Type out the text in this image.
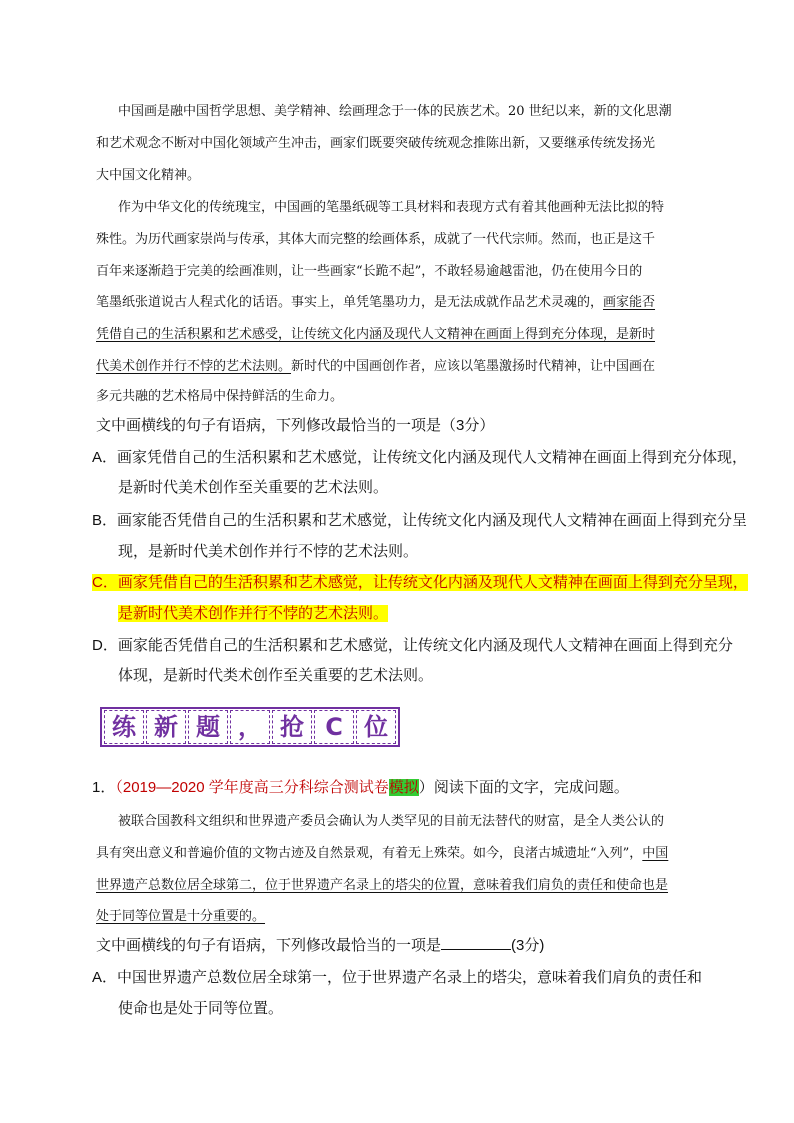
中国画是融中国哲学思想、美学精神、绘画理念于一体的民族艺术。20 世纪以来，新的文化思潮
和艺术观念不断对中国化领域产生冲击，画家们既要突破传统观念推陈出新，又要继承传统发扬光
大中国文化精神。
作为中华文化的传统瑰宝，中国画的笔墨纸砚等工具材料和表现方式有着其他画种无法比拟的特
殊性。为历代画家崇尚与传承，其体大而完整的绘画体系，成就了一代代宗师。然而，也正是这千
百年来逐渐趋于完美的绘画准则，让一些画家“长跪不起”，不敢轻易逾越雷池，仍在使用今日的
笔墨纸张道说古人程式化的话语。事实上，单凭笔墨功力，是无法成就作品艺术灵魂的，画家能否
凭借自己的生活积累和艺术感受，让传统文化内涵及现代人文精神在画面上得到充分体现，是新时
代美术创作并行不悖的艺术法则。新时代的中国画创作者，应该以笔墨激扬时代精神，让中国画在
多元共融的艺术格局中保持鲜活的生命力。
文中画横线的句子有语病，下列修改最恰当的一项是（3分）
A．画家凭借自己的生活积累和艺术感觉，让传统文化内涵及现代人文精神在画面上得到充分体现，
是新时代美术创作至关重要的艺术法则。
B．画家能否凭借自己的生活积累和艺术感觉，让传统文化内涵及现代人文精神在画面上得到充分呈
现，是新时代美术创作并行不悖的艺术法则。
C．画家凭借自己的生活积累和艺术感觉，让传统文化内涵及现代人文精神在画面上得到充分呈现，
是新时代美术创作并行不悖的艺术法则。
D．画家能否凭借自己的生活积累和艺术感觉，让传统文化内涵及现代人文精神在画面上得到充分
体现，是新时代类术创作至关重要的艺术法则。
练 新 题 ， 抢 C 位
1．（2019—2020 学年度高三分科综合测试卷模拟）阅读下面的文字，完成问题。
被联合国教科文组织和世界遗产委员会确认为人类罕见的目前无法替代的财富，是全人类公认的
具有突出意义和普遍价值的文物古迹及自然景观，有着无上殊荣。如今，良渚古城遗址“入列”，中国
世界遗产总数位居全球第二，位于世界遗产名录上的塔尖的位置，意味着我们肩负的责任和使命也是
处于同等位置是十分重要的。
文中画横线的句子有语病，下列修改最恰当的一项是	(3分)
A．中国世界遗产总数位居全球第一，位于世界遗产名录上的塔尖，意味着我们肩负的责任和
使命也是处于同等位置。
